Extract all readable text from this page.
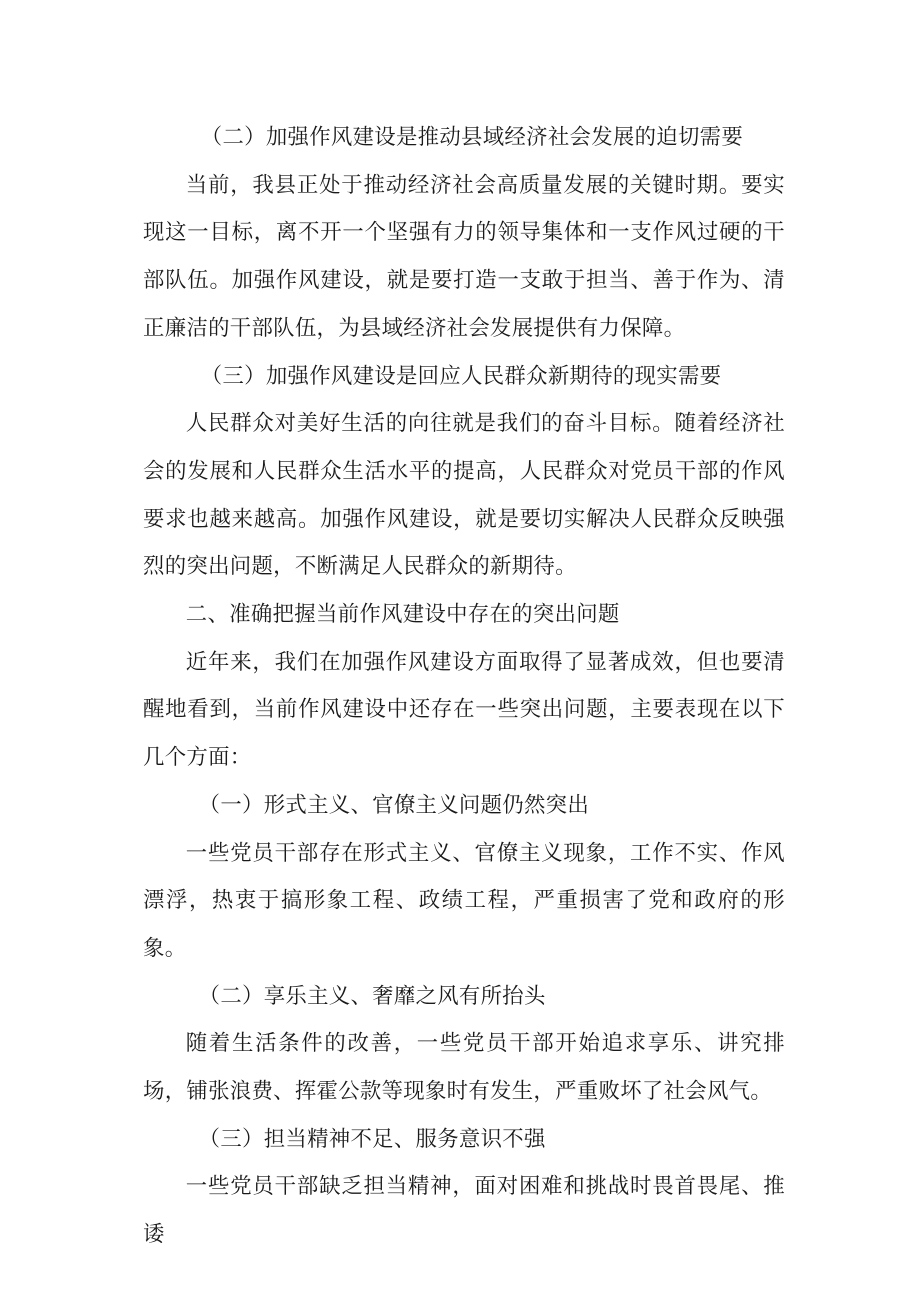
（二）加强作风建设是推动县域经济社会发展的迫切需要

当前，我县正处于推动经济社会高质量发展的关键时期。要实现这一目标，离不开一个坚强有力的领导集体和一支作风过硬的干部队伍。加强作风建设，就是要打造一支敢于担当、善于作为、清正廉洁的干部队伍，为县域经济社会发展提供有力保障。

（三）加强作风建设是回应人民群众新期待的现实需要

人民群众对美好生活的向往就是我们的奋斗目标。随着经济社会的发展和人民群众生活水平的提高，人民群众对党员干部的作风要求也越来越高。加强作风建设，就是要切实解决人民群众反映强烈的突出问题，不断满足人民群众的新期待。

二、准确把握当前作风建设中存在的突出问题

近年来，我们在加强作风建设方面取得了显著成效，但也要清醒地看到，当前作风建设中还存在一些突出问题，主要表现在以下几个方面：

（一）形式主义、官僚主义问题仍然突出

一些党员干部存在形式主义、官僚主义现象，工作不实、作风漂浮，热衷于搞形象工程、政绩工程，严重损害了党和政府的形象。

（二）享乐主义、奢靡之风有所抬头

随着生活条件的改善，一些党员干部开始追求享乐、讲究排场，铺张浪费、挥霍公款等现象时有发生，严重败坏了社会风气。

（三）担当精神不足、服务意识不强

一些党员干部缺乏担当精神，面对困难和挑战时畏首畏尾、推诿
